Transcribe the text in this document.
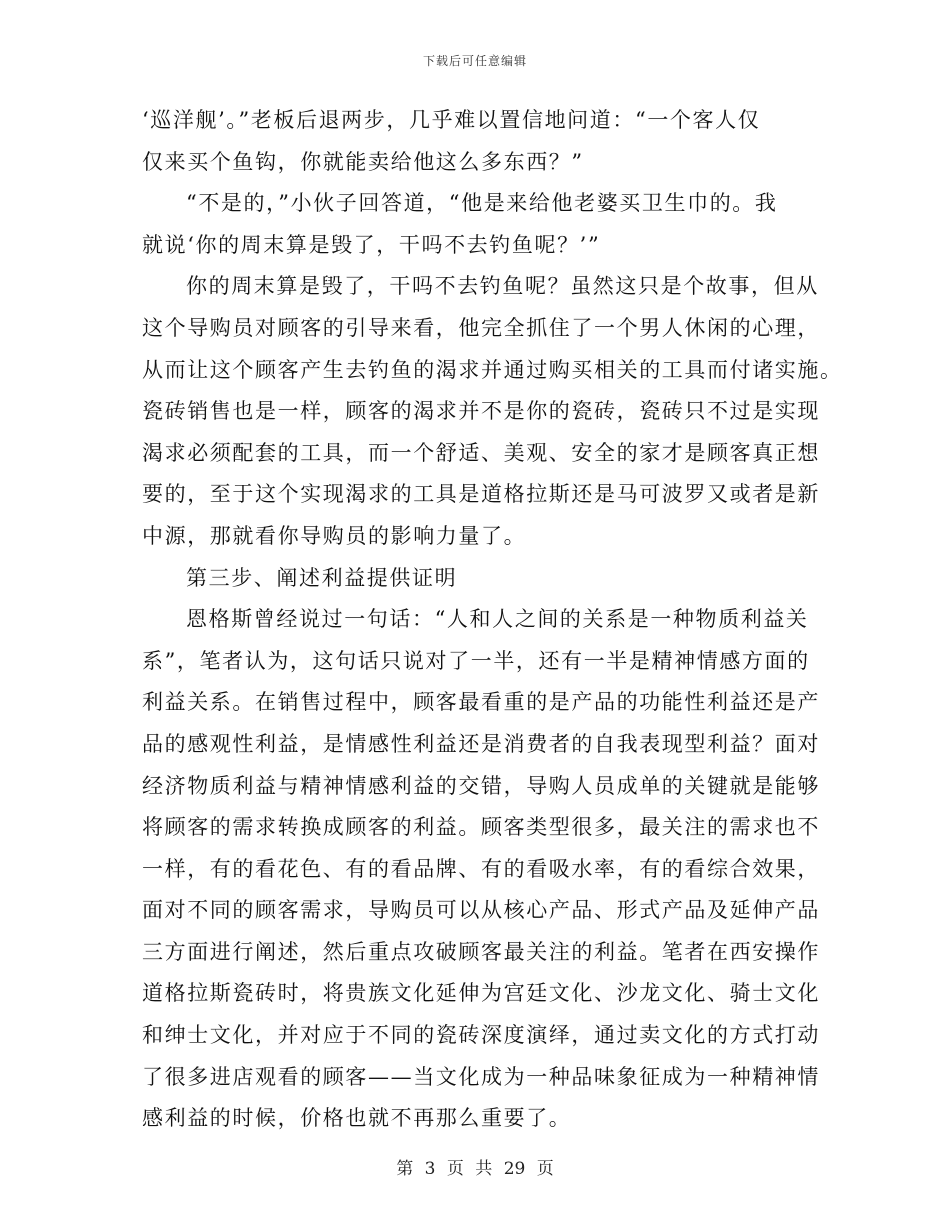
下载后可任意编辑
‘巡洋舰’。”老板后退两步，几乎难以置信地问道：“一个客人仅
仅来买个鱼钩，你就能卖给他这么多东西？”
“不是的，”小伙子回答道，“他是来给他老婆买卫生巾的。我
就说‘你的周末算是毁了，干吗不去钓鱼呢？’”
你的周末算是毁了，干吗不去钓鱼呢？虽然这只是个故事，但从
这个导购员对顾客的引导来看，他完全抓住了一个男人休闲的心理，
从而让这个顾客产生去钓鱼的渴求并通过购买相关的工具而付诸实施。
瓷砖销售也是一样，顾客的渴求并不是你的瓷砖，瓷砖只不过是实现
渴求必须配套的工具，而一个舒适、美观、安全的家才是顾客真正想
要的，至于这个实现渴求的工具是道格拉斯还是马可波罗又或者是新
中源，那就看你导购员的影响力量了。
第三步、阐述利益提供证明
恩格斯曾经说过一句话：“人和人之间的关系是一种物质利益关
系”，笔者认为，这句话只说对了一半，还有一半是精神情感方面的
利益关系。在销售过程中，顾客最看重的是产品的功能性利益还是产
品的感观性利益，是情感性利益还是消费者的自我表现型利益？面对
经济物质利益与精神情感利益的交错，导购人员成单的关键就是能够
将顾客的需求转换成顾客的利益。顾客类型很多，最关注的需求也不
一样，有的看花色、有的看品牌、有的看吸水率，有的看综合效果，
面对不同的顾客需求，导购员可以从核心产品、形式产品及延伸产品
三方面进行阐述，然后重点攻破顾客最关注的利益。笔者在西安操作
道格拉斯瓷砖时，将贵族文化延伸为宫廷文化、沙龙文化、骑士文化
和绅士文化，并对应于不同的瓷砖深度演绎，通过卖文化的方式打动
了很多进店观看的顾客——当文化成为一种品味象征成为一种精神情
感利益的时候，价格也就不再那么重要了。
第 3 页 共 29 页
